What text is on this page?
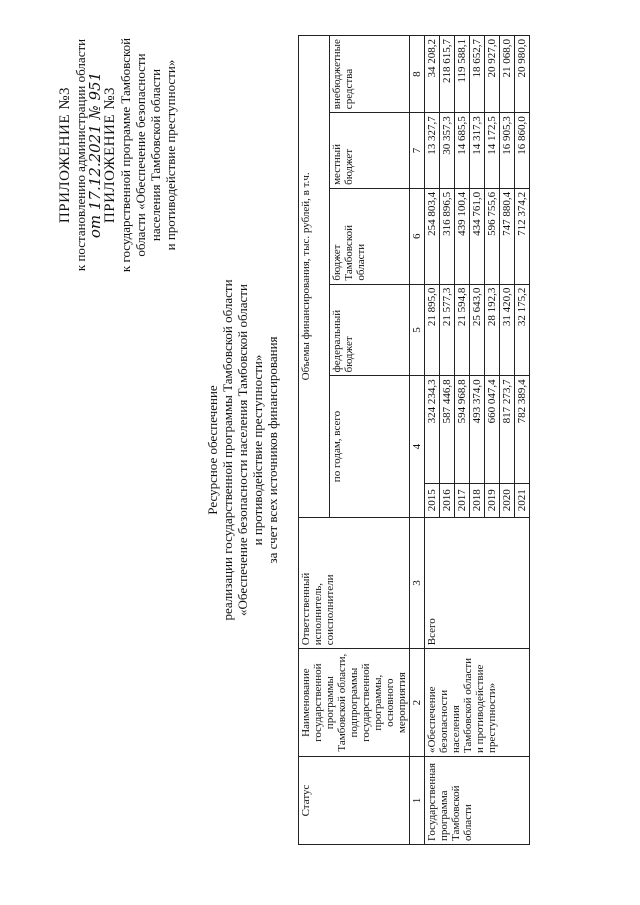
ПРИЛОЖЕНИЕ №3 к постановлению администрации области
от 17.12.2021 № 951
ПРИЛОЖЕНИЕ №3 к государственной программе Тамбовской области «Обеспечение безопасности населения Тамбовской области и противодействие преступности»
Ресурсное обеспечение реализации государственной программы Тамбовской области «Обеспечение безопасности населения Тамбовской области и противодействие преступности» за счет всех источников финансирования
Статус	Наименование государственной программы Тамбовской области, подпрограммы государственной программы, основного мероприятия	Ответственный исполнитель, соисполнители	Объемы финансирования, тыс. рублей, в т.ч.					
			по годам, всего		федеральный бюджет	бюджет Тамбовской области	местный бюджет	внебюджетные средства
1	2	3	4		5	6	7	8
Государственная программа Тамбовской области	«Обеспечение безопасности населения Тамбовской области и противодействие преступности»	Всего	2015	324 234,3	21 895,0	254 803,4	13 327,7	34 208,2
			2016	587 446,8	21 577,3	316 896,5	30 357,3	218 615,7
			2017	594 968,8	21 594,8	439 100,4	14 685,5	119 588,1
			2018	493 374,0	25 643,0	434 761,0	14 317,3	18 652,7
			2019	660 047,4	28 192,3	596 755,6	14 172,5	20 927,0
			2020	817 273,7	31 420,0	747 880,4	16 905,3	21 068,0
			2021	782 389,4	32 175,2	712 374,2	16 860,0	20 980,0
